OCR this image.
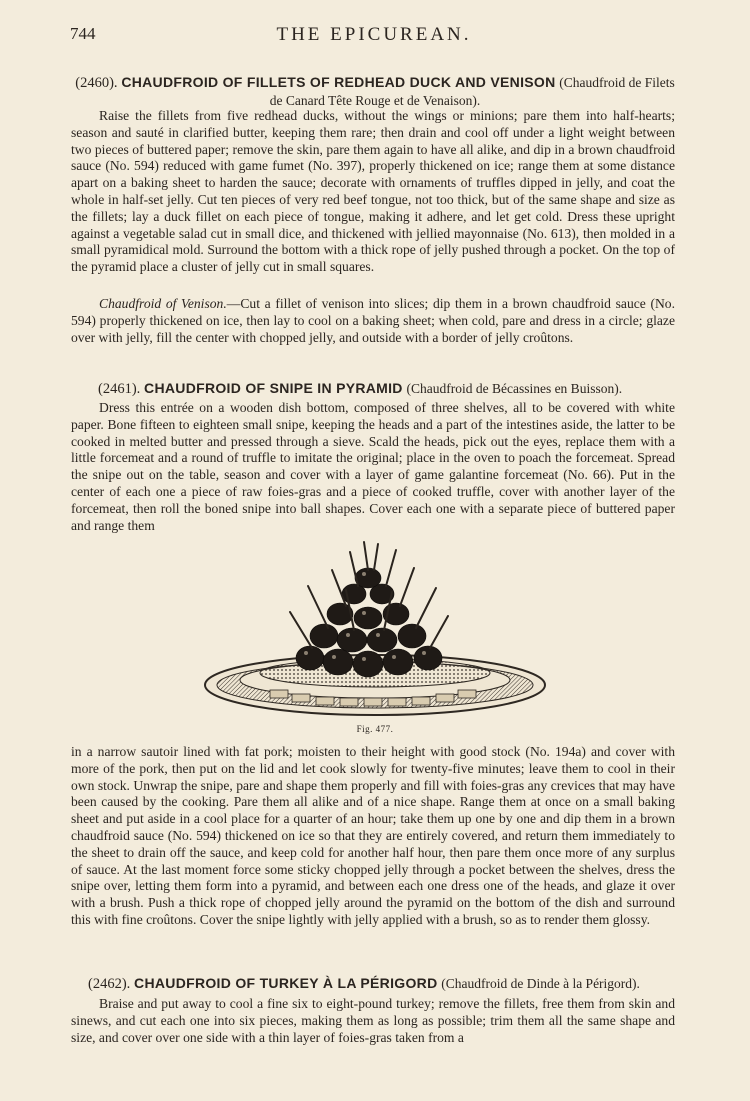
744	THE EPICUREAN.
(2460). CHAUDFROID OF FILLETS OF REDHEAD DUCK AND VENISON (Chaudfroid de Filets
de Canard Tête Rouge et de Venaison).

Raise the fillets from five redhead ducks, without the wings or minions; pare them into half-hearts; season and sauté in clarified butter, keeping them rare; then drain and cool off under a light weight between two pieces of buttered paper; remove the skin, pare them again to have all alike, and dip in a brown chaudfroid sauce (No. 594) reduced with game fumet (No. 397), properly thickened on ice; range them at some distance apart on a baking sheet to harden the sauce; decorate with ornaments of truffles dipped in jelly, and coat the whole in half-set jelly. Cut ten pieces of very red beef tongue, not too thick, but of the same shape and size as the fillets; lay a duck fillet on each piece of tongue, making it adhere, and let get cold. Dress these upright against a vegetable salad cut in small dice, and thickened with jellied mayonnaise (No. 613), then molded in a small pyramidical mold. Surround the bottom with a thick rope of jelly pushed through a pocket. On the top of the pyramid place a cluster of jelly cut in small squares.

Chaudfroid of Venison.—Cut a fillet of venison into slices; dip them in a brown chaudfroid sauce (No. 594) properly thickened on ice, then lay to cool on a baking sheet; when cold, pare and dress in a circle; glaze over with jelly, fill the center with chopped jelly, and outside with a border of jelly croûtons.

(2461). CHAUDFROID OF SNIPE IN PYRAMID (Chaudfroid de Bécassines en Buisson).

Dress this entrée on a wooden dish bottom, composed of three shelves, all to be covered with white paper. Bone fifteen to eighteen small snipe, keeping the heads and a part of the intestines aside, the latter to be cooked in melted butter and pressed through a sieve. Scald the heads, pick out the eyes, replace them with a little forcemeat and a round of truffle to imitate the original; place in the oven to poach the forcemeat. Spread the snipe out on the table, season and cover with a layer of game galantine forcemeat (No. 66). Put in the center of each one a piece of raw foies-gras and a piece of cooked truffle, cover with another layer of the forcemeat, then roll the boned snipe into ball shapes. Cover each one with a separate piece of buttered paper and range them

Fig. 477.

in a narrow sautoir lined with fat pork; moisten to their height with good stock (No. 194a) and cover with more of the pork, then put on the lid and let cook slowly for twenty-five minutes; leave them to cool in their own stock. Unwrap the snipe, pare and shape them properly and fill with foies-gras any crevices that may have been caused by the cooking. Pare them all alike and of a nice shape. Range them at once on a small baking sheet and put aside in a cool place for a quarter of an hour; take them up one by one and dip them in a brown chaudfroid sauce (No. 594) thickened on ice so that they are entirely covered, and return them immediately to the sheet to drain off the sauce, and keep cold for another half hour, then pare them once more of any surplus of sauce. At the last moment force some sticky chopped jelly through a pocket between the shelves, dress the snipe over, letting them form into a pyramid, and between each one dress one of the heads, and glaze it over with a brush. Push a thick rope of chopped jelly around the pyramid on the bottom of the dish and surround this with fine croûtons. Cover the snipe lightly with jelly applied with a brush, so as to render them glossy.

(2462). CHAUDFROID OF TURKEY À LA PÉRIGORD (Chaudfroid de Dinde à la Périgord).

Braise and put away to cool a fine six to eight-pound turkey; remove the fillets, free them from skin and sinews, and cut each one into six pieces, making them as long as possible; trim them all the same shape and size, and cover over one side with a thin layer of foies-gras taken from a
